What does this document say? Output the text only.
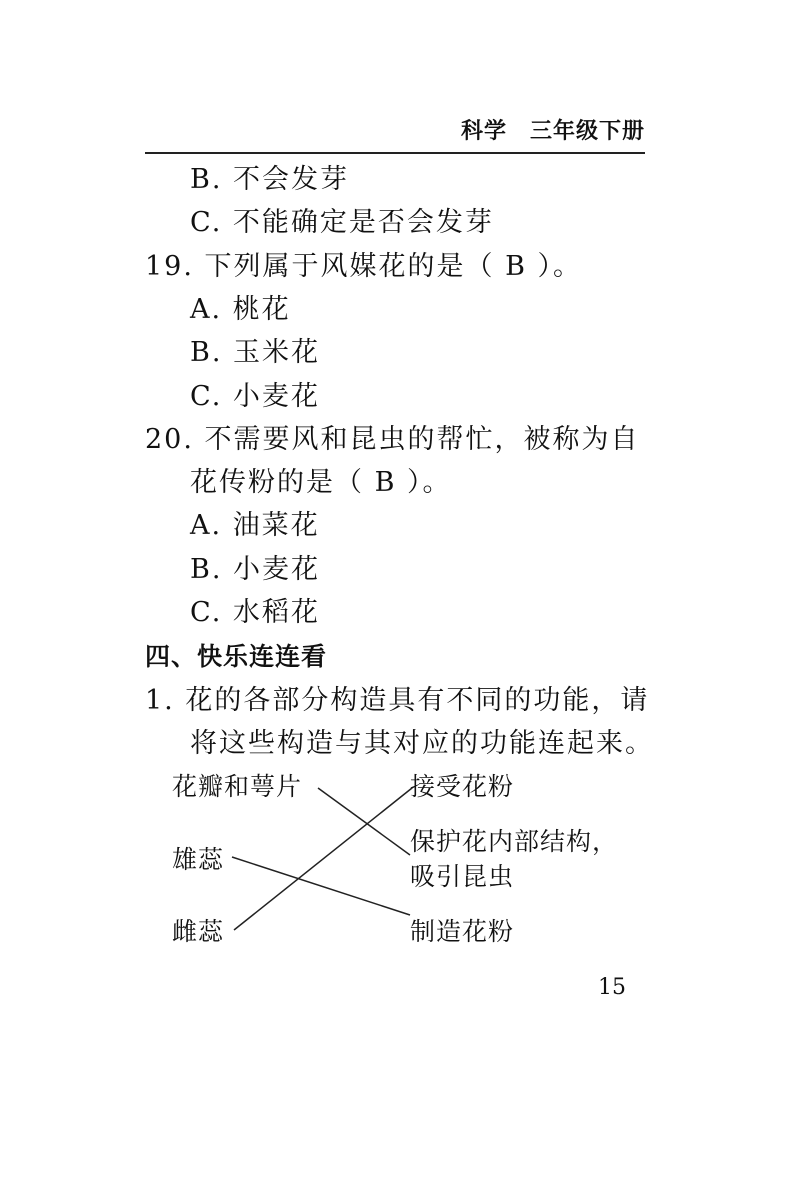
科学　三年级下册
B. 不会发芽
C. 不能确定是否会发芽
19. 下列属于风媒花的是（ B ）。
A. 桃花
B. 玉米花
C. 小麦花
20. 不需要风和昆虫的帮忙，被称为自
花传粉的是（ B ）。
A. 油菜花
B. 小麦花
C. 水稻花
四、快乐连连看
1. 花的各部分构造具有不同的功能，请
将这些构造与其对应的功能连起来。
花瓣和萼片
雄蕊
雌蕊
接受花粉
保护花内部结构，
吸引昆虫
制造花粉
15
